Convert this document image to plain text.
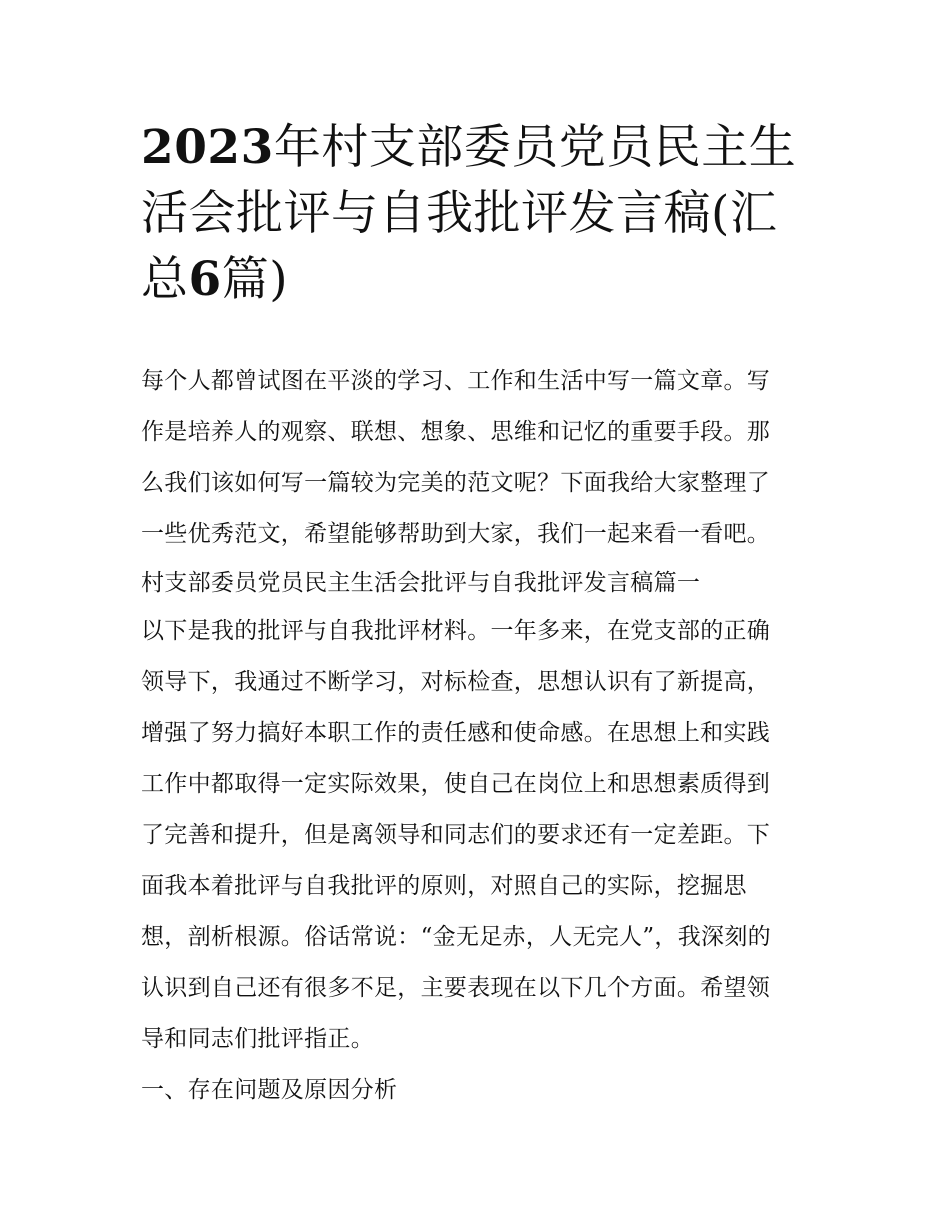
2023年村支部委员党员民主生活会批评与自我批评发言稿(汇总6篇)
每个人都曾试图在平淡的学习、工作和生活中写一篇文章。写
作是培养人的观察、联想、想象、思维和记忆的重要手段。那
么我们该如何写一篇较为完美的范文呢？下面我给大家整理了
一些优秀范文，希望能够帮助到大家，我们一起来看一看吧。
村支部委员党员民主生活会批评与自我批评发言稿篇一
以下是我的批评与自我批评材料。一年多来，在党支部的正确
领导下，我通过不断学习，对标检查，思想认识有了新提高，
增强了努力搞好本职工作的责任感和使命感。在思想上和实践
工作中都取得一定实际效果，使自己在岗位上和思想素质得到
了完善和提升，但是离领导和同志们的要求还有一定差距。下
面我本着批评与自我批评的原则，对照自己的实际，挖掘思
想，剖析根源。俗话常说：“金无足赤，人无完人”，我深刻的
认识到自己还有很多不足，主要表现在以下几个方面。希望领
导和同志们批评指正。
一、存在问题及原因分析
